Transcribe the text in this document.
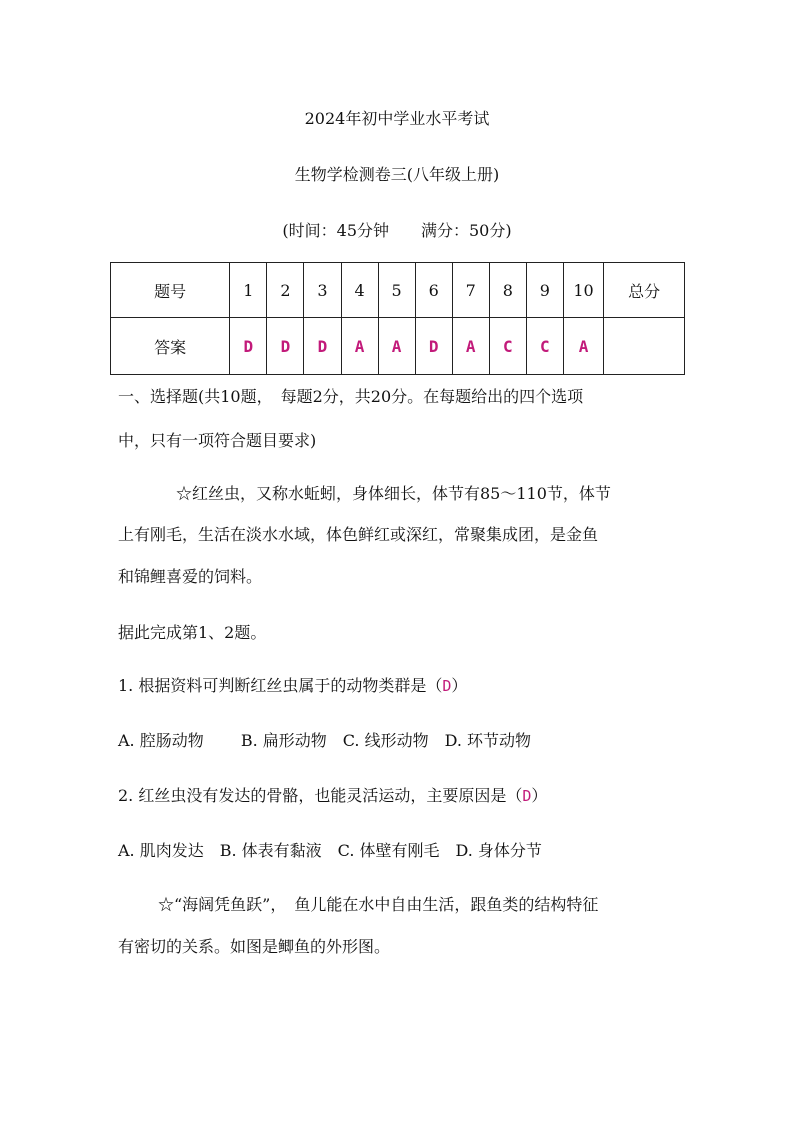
2024年初中学业水平考试
生物学检测卷三(八年级上册)
(时间：45分钟　　满分：50分)
题号	1	2	3	4	5	6	7	8	9	10	总分
答案	D	D	D	A	A	D	A	C	C	A	
一、选择题(共10题，　每题2分，共20分。在每题给出的四个选项
中，只有一项符合题目要求)
☆红丝虫，又称水蚯蚓，身体细长，体节有85～110节，体节
上有刚毛，生活在淡水水域，体色鲜红或深红，常聚集成团，是金鱼
和锦鲤喜爱的饲料。
据此完成第1、2题。
1. 根据资料可判断红丝虫属于的动物类群是（D）
A. 腔肠动物　　 B. 扁形动物　C. 线形动物　D. 环节动物
2. 红丝虫没有发达的骨骼，也能灵活运动，主要原因是（D）
A. 肌肉发达　B. 体表有黏液　C. 体壁有刚毛　D. 身体分节
☆“海阔凭鱼跃”，　鱼儿能在水中自由生活，跟鱼类的结构特征
有密切的关系。如图是鲫鱼的外形图。
